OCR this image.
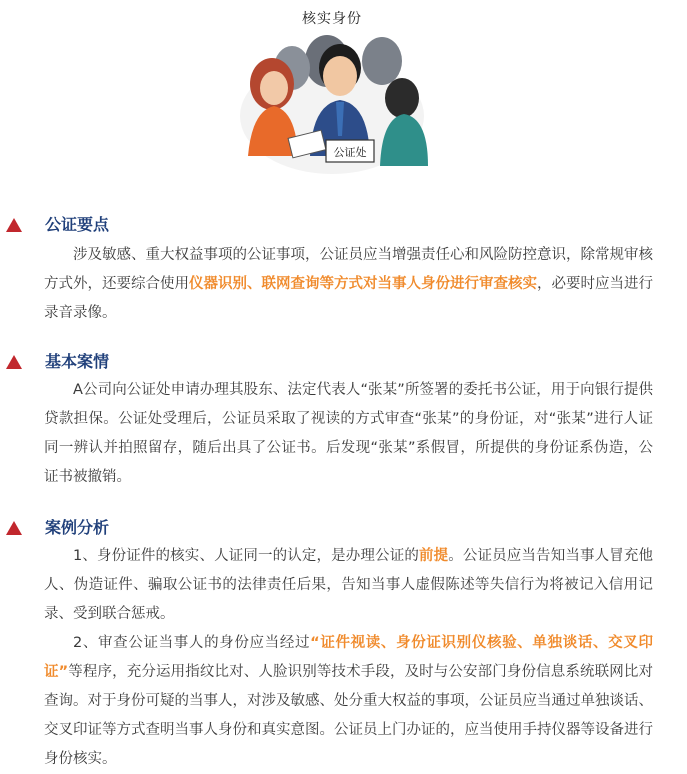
公证处
核实身份
公证要点

涉及敏感、重大权益事项的公证事项，公证员应当增强责任心和风险防控意识，除常规审核方式外，还要综合使用仪器识别、联网查询等方式对当事人身份进行审查核实，必要时应当进行录音录像。

基本案情

A公司向公证处申请办理其股东、法定代表人“张某”所签署的委托书公证，用于向银行提供贷款担保。公证处受理后，公证员采取了视读的方式审查“张某”的身份证，对“张某”进行人证同一辨认并拍照留存，随后出具了公证书。后发现“张某”系假冒，所提供的身份证系伪造，公证书被撤销。

案例分析

1、身份证件的核实、人证同一的认定，是办理公证的前提。公证员应当告知当事人冒充他人、伪造证件、骗取公证书的法律责任后果，告知当事人虚假陈述等失信行为将被记入信用记录、受到联合惩戒。

2、审查公证当事人的身份应当经过“证件视读、身份证识别仪核验、单独谈话、交叉印证”等程序，充分运用指纹比对、人脸识别等技术手段，及时与公安部门身份信息系统联网比对查询。对于身份可疑的当事人，对涉及敏感、处分重大权益的事项，公证员应当通过单独谈话、交叉印证等方式查明当事人身份和真实意图。公证员上门办证的，应当使用手持仪器等设备进行身份核实。
